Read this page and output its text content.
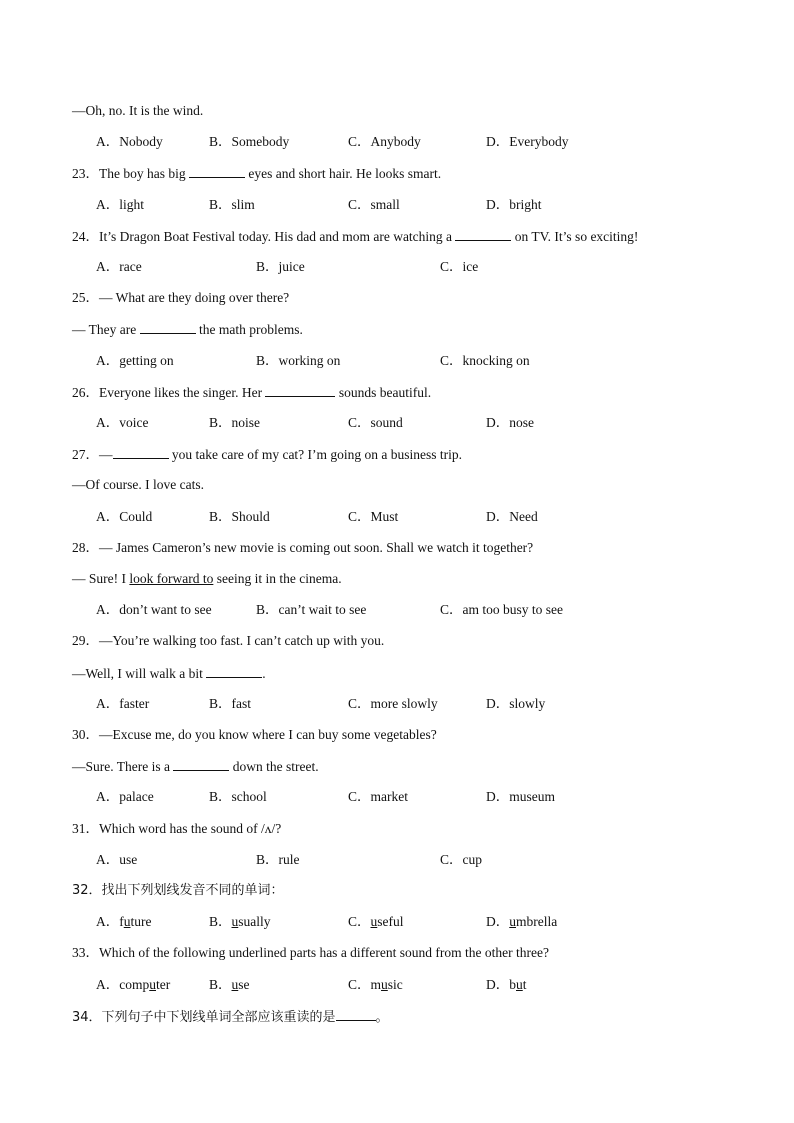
—Oh, no. It is the wind.
A．Nobody	B．Somebody	C．Anybody	D．Everybody
23．The boy has big	eyes and short hair. He looks smart.
A．light	B．slim	C．small	D．bright
24．It’s Dragon Boat Festival today. His dad and mom are watching a	on TV. It’s so exciting!
A．race	B．juice	C．ice
25．— What are they doing over there?
— They are	the math problems.
A．getting on	B．working on	C．knocking on
26．Everyone likes the singer. Her	sounds beautiful.
A．voice	B．noise	C．sound	D．nose
27．—	you take care of my cat? I’m going on a business trip.
—Of course. I love cats.
A．Could	B．Should	C．Must	D．Need
28．— James Cameron’s new movie is coming out soon. Shall we watch it together?
— Sure! I look forward to seeing it in the cinema.
A．don’t want to see	B．can’t wait to see	C．am too busy to see
29．—You’re walking too fast. I can’t catch up with you.
—Well, I will walk a bit	.
A．faster	B．fast	C．more slowly	D．slowly
30．—Excuse me, do you know where I can buy some vegetables?
—Sure. There is a	down the street.
A．palace	B．school	C．market	D．museum
31．Which word has the sound of /ʌ/?
A．use	B．rule	C．cup
32．找出下列划线发音不同的单词：
A．future	B．usually	C．useful	D．umbrella
33．Which of the following underlined parts has a different sound from the other three?
A．computer	B．use	C．music	D．but
34．下列句子中下划线单词全部应该重读的是	。
